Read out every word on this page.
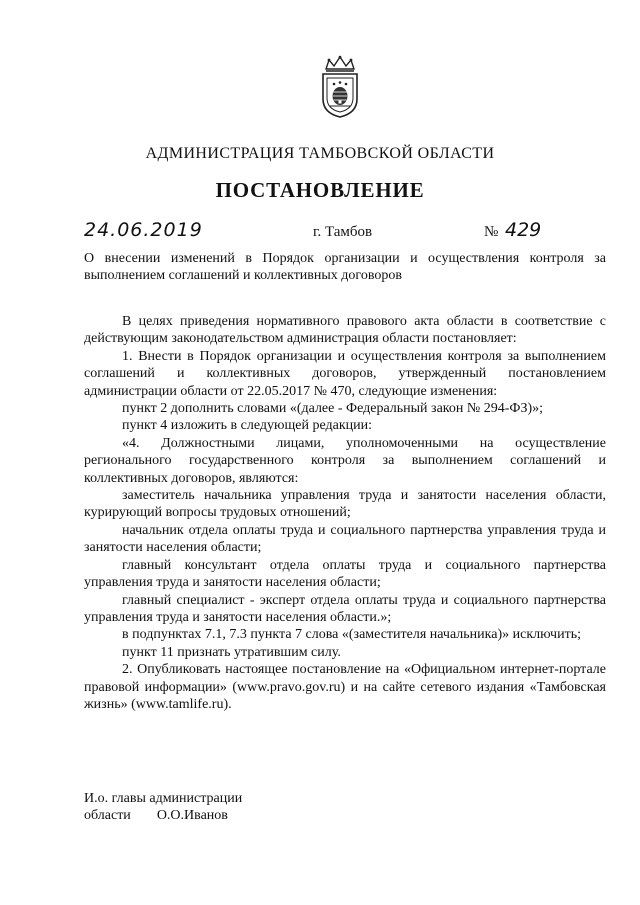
АДМИНИСТРАЦИЯ ТАМБОВСКОЙ ОБЛАСТИ
ПОСТАНОВЛЕНИЕ
24.06.2019	г. Тамбов	№ 429
О внесении изменений в Порядок организации и осуществления контроля за выполнением соглашений и коллективных договоров

В целях приведения нормативного правового акта области в соответствие с действующим законодательством администрация области постановляет:

1. Внести в Порядок организации и осуществления контроля за выполнением соглашений и коллективных договоров, утвержденный постановлением администрации области от 22.05.2017 № 470, следующие изменения:

пункт 2 дополнить словами «(далее - Федеральный закон № 294-ФЗ)»;

пункт 4 изложить в следующей редакции:

«4. Должностными лицами, уполномоченными на осуществление регионального государственного контроля за выполнением соглашений и коллективных договоров, являются:

заместитель начальника управления труда и занятости населения области, курирующий вопросы трудовых отношений;

начальник отдела оплаты труда и социального партнерства управления труда и занятости населения области;

главный консультант отдела оплаты труда и социального партнерства управления труда и занятости населения области;

главный специалист - эксперт отдела оплаты труда и социального партнерства управления труда и занятости населения области.»;

в подпунктах 7.1, 7.3 пункта 7 слова «(заместителя начальника)» исключить;

пункт 11 признать утратившим силу.

2. Опубликовать настоящее постановление на «Официальном интернет-портале правовой информации» (www.pravo.gov.ru) и на сайте сетевого издания «Тамбовская жизнь» (www.tamlife.ru).

И.о. главы администрации
области О.О.Иванов
